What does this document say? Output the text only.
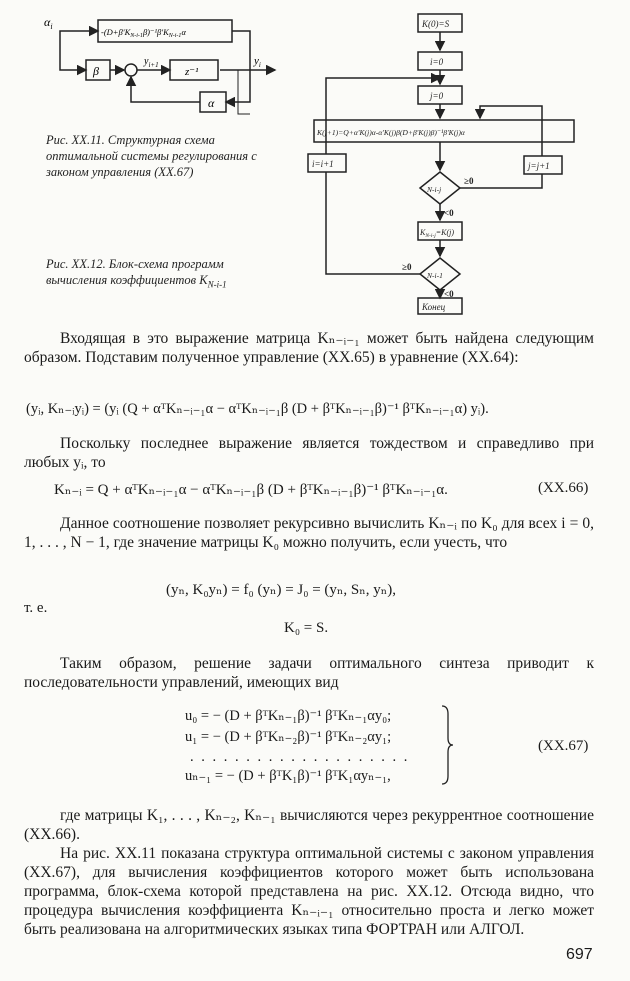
$\alpha_i$
$-(D+\beta'K_{N-i-1}\beta)^{-1}\beta'K_{N-i-1}\alpha$
$y_i$
β
$y_{i+1}$
z⁻¹
α
Рис. XX.11. Структурная схема оптимальной системы регулирования с законом управления (XX.67)
K(0)=S
i=0
j=0
K(j+1)=Q+α'K(j)α-α'K(j)β(D+β'K(j)β)⁻¹β'K(j)α
N-i-j
≥0
<0
$K_{N-i-j}=K(j)$
N-i-1
≥0
<0
Конец
j=j+1
i=i+1
Рис. XX.12. Блок-схема программ вычисления коэффициентов $K_{N-i-1}$
Входящая в это выражение матрица Kₙ₋ᵢ₋₁ может быть найдена следующим образом. Подставим полученное управление (XX.65) в уравнение (XX.64):
(yᵢ, Kₙ₋ᵢyᵢ) = (yᵢ (Q + αᵀKₙ₋ᵢ₋₁α − αᵀKₙ₋ᵢ₋₁β (D + βᵀKₙ₋ᵢ₋₁β)⁻¹ βᵀKₙ₋ᵢ₋₁α) yᵢ).
Поскольку последнее выражение является тождеством и справедливо при любых yᵢ, то
Kₙ₋ᵢ = Q + αᵀKₙ₋ᵢ₋₁α − αᵀKₙ₋ᵢ₋₁β (D + βᵀKₙ₋ᵢ₋₁β)⁻¹ βᵀKₙ₋ᵢ₋₁α.	(XX.66)
Данное соотношение позволяет рекурсивно вычислить Kₙ₋ᵢ по K₀ для всех i = 0, 1, . . . , N − 1, где значение матрицы K₀ можно получить, если учесть, что
(yₙ, K₀yₙ) = f₀ (yₙ) = J₀ = (yₙ, Sₙ, yₙ),
т. е.
K₀ = S.
Таким образом, решение задачи оптимального синтеза приводит к последовательности управлений, имеющих вид
u₀ = − (D + βᵀKₙ₋₁β)⁻¹ βᵀKₙ₋₁αy₀;
u₁ = − (D + βᵀKₙ₋₂β)⁻¹ βᵀKₙ₋₂αy₁;
. . . . . . . . . . . . . . . . . . . .
uₙ₋₁ = − (D + βᵀK₁β)⁻¹ βᵀK₁αyₙ₋₁,
(XX.67)
где матрицы K₁, . . . , Kₙ₋₂, Kₙ₋₁ вычисляются через рекуррентное соотношение (XX.66).
На рис. XX.11 показана структура оптимальной системы с законом управления (XX.67), для вычисления коэффициентов которого может быть использована программа, блок-схема которой представлена на рис. XX.12. Отсюда видно, что процедура вычисления коэффициента Kₙ₋ᵢ₋₁ относительно проста и легко может быть реализована на алгоритмических языках типа ФОРТРАН или АЛГОЛ.
697
